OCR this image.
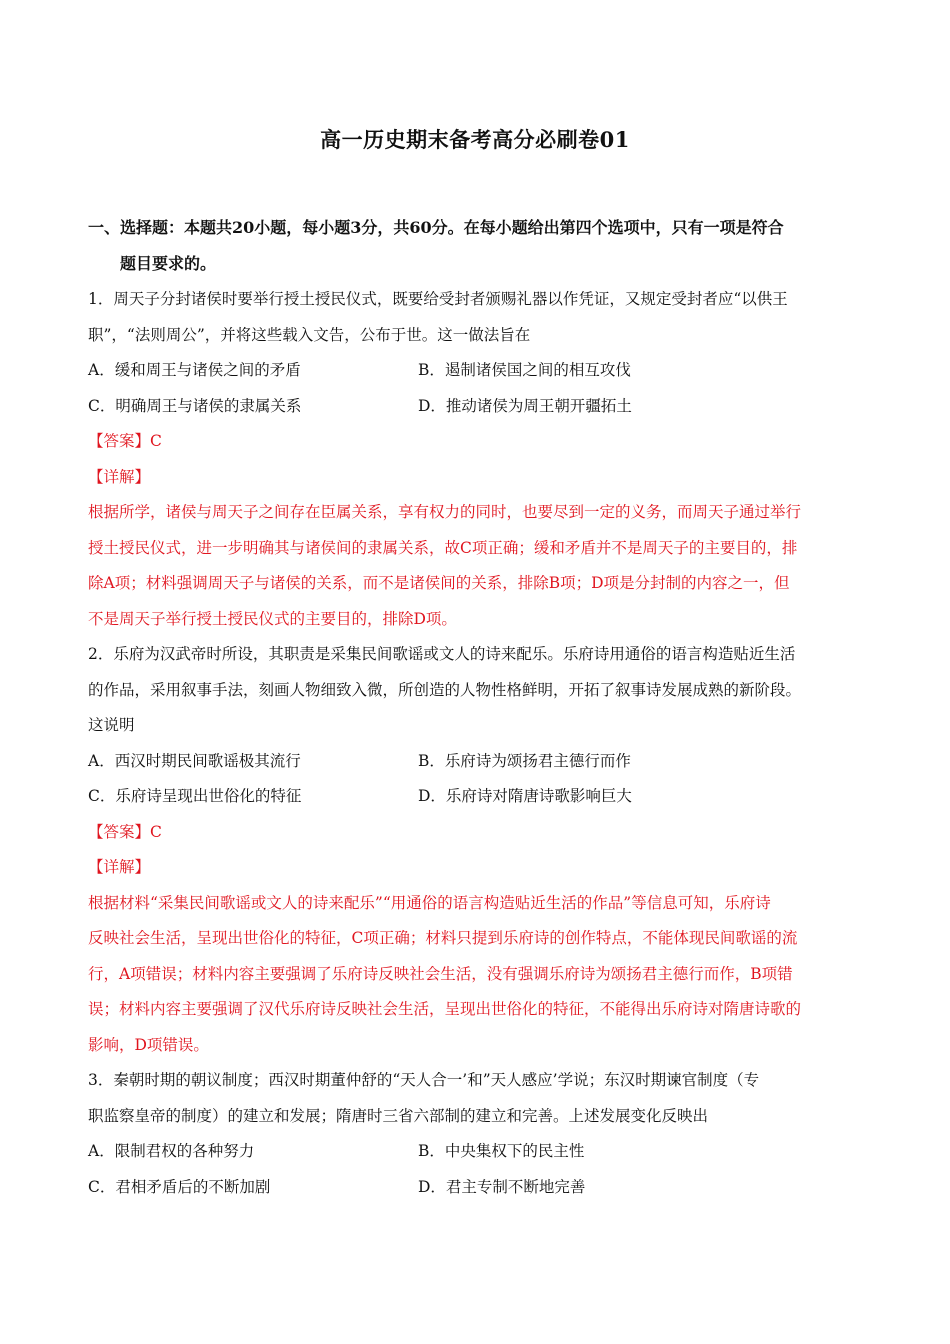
高一历史期末备考高分必刷卷01
一、选择题：本题共20小题，每小题3分，共60分。在每小题给出第四个选项中，只有一项是符合
题目要求的。

1．周天子分封诸侯时要举行授土授民仪式，既要给受封者颁赐礼器以作凭证，又规定受封者应“以供王

职”，“法则周公”，并将这些载入文告，公布于世。这一做法旨在

A．缓和周王与诸侯之间的矛盾	B．遏制诸侯国之间的相互攻伐
C．明确周王与诸侯的隶属关系	D．推动诸侯为周王朝开疆拓土
【答案】C
【详解】

根据所学，诸侯与周天子之间存在臣属关系，享有权力的同时，也要尽到一定的义务，而周天子通过举行

授土授民仪式，进一步明确其与诸侯间的隶属关系，故C项正确；缓和矛盾并不是周天子的主要目的，排

除A项；材料强调周天子与诸侯的关系，而不是诸侯间的关系，排除B项；D项是分封制的内容之一，但

不是周天子举行授土授民仪式的主要目的，排除D项。

2．乐府为汉武帝时所设，其职责是采集民间歌谣或文人的诗来配乐。乐府诗用通俗的语言构造贴近生活

的作品，采用叙事手法，刻画人物细致入微，所创造的人物性格鲜明，开拓了叙事诗发展成熟的新阶段。

这说明

A．西汉时期民间歌谣极其流行	B．乐府诗为颂扬君主德行而作
C．乐府诗呈现出世俗化的特征	D．乐府诗对隋唐诗歌影响巨大
【答案】C
【详解】

根据材料“采集民间歌谣或文人的诗来配乐”“用通俗的语言构造贴近生活的作品”等信息可知，乐府诗

反映社会生活，呈现出世俗化的特征，C项正确；材料只提到乐府诗的创作特点，不能体现民间歌谣的流

行，A项错误；材料内容主要强调了乐府诗反映社会生活，没有强调乐府诗为颂扬君主德行而作，B项错

误；材料内容主要强调了汉代乐府诗反映社会生活，呈现出世俗化的特征，不能得出乐府诗对隋唐诗歌的

影响，D项错误。

3．秦朝时期的朝议制度；西汉时期董仲舒的“天人合一’和”天人感应’学说；东汉时期谏官制度（专

职监察皇帝的制度）的建立和发展；隋唐时三省六部制的建立和完善。上述发展变化反映出

A．限制君权的各种努力	B．中央集权下的民主性
C．君相矛盾后的不断加剧	D．君主专制不断地完善
